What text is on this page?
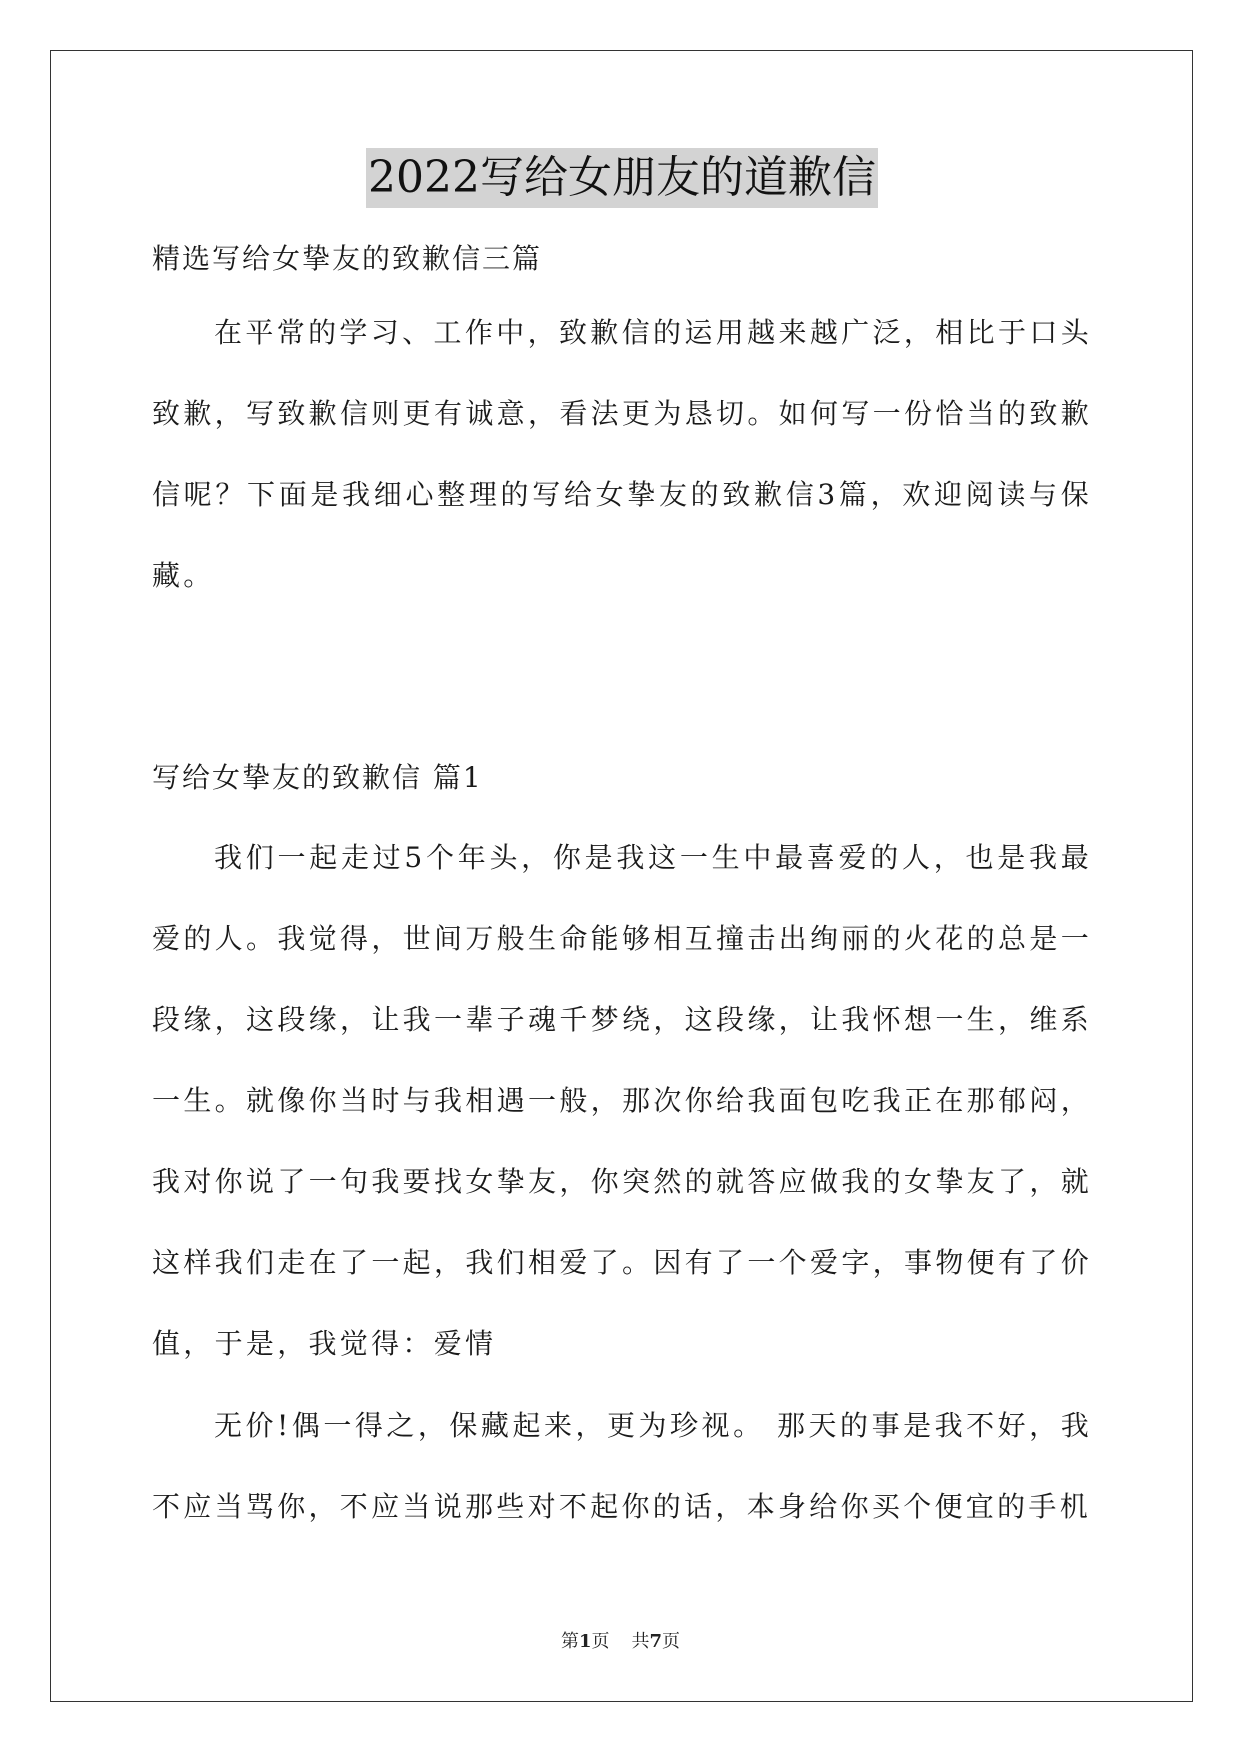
2022写给女朋友的道歉信

精选写给女挚友的致歉信三篇

在平常的学习、工作中，致歉信的运用越来越广泛，相比于口头致歉，写致歉信则更有诚意，看法更为恳切。如何写一份恰当的致歉信呢？下面是我细心整理的写给女挚友的致歉信3篇，欢迎阅读与保藏。

写给女挚友的致歉信 篇1

我们一起走过5个年头，你是我这一生中最喜爱的人，也是我最爱的人。我觉得，世间万般生命能够相互撞击出绚丽的火花的总是一段缘，这段缘，让我一辈子魂千梦绕，这段缘，让我怀想一生，维系一生。就像你当时与我相遇一般，那次你给我面包吃我正在那郁闷，我对你说了一句我要找女挚友，你突然的就答应做我的女挚友了，就这样我们走在了一起，我们相爱了。因有了一个爱字，事物便有了价值，于是，我觉得：爱情

无价!偶一得之，保藏起来，更为珍视。 那天的事是我不好，我不应当骂你，不应当说那些对不起你的话，本身给你买个便宜的手机

第1页 共7页
